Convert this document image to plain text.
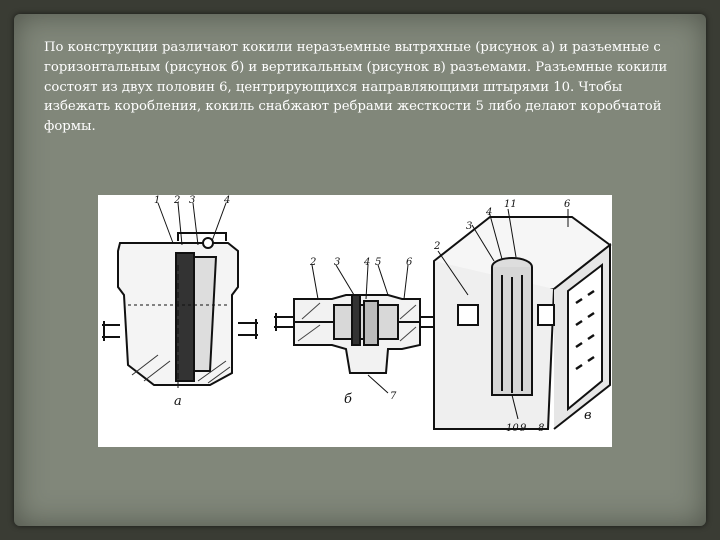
По конструкции различают кокили неразъемные вытряхные (рисунок а) и разъемные с горизонтальным (рисунок б) и вертикальным (рисунок в) разъемами. Разъемные кокили состоят из двух половин 6, центрирующихся направляющими штырями 10. Чтобы избежать коробления, кокиль снабжают ребрами жесткости 5 либо делают коробчатой формы.

1 2 3	4
а
2 3 4 5 6
7
б
2
3
4
11	6
10 9 8
в
